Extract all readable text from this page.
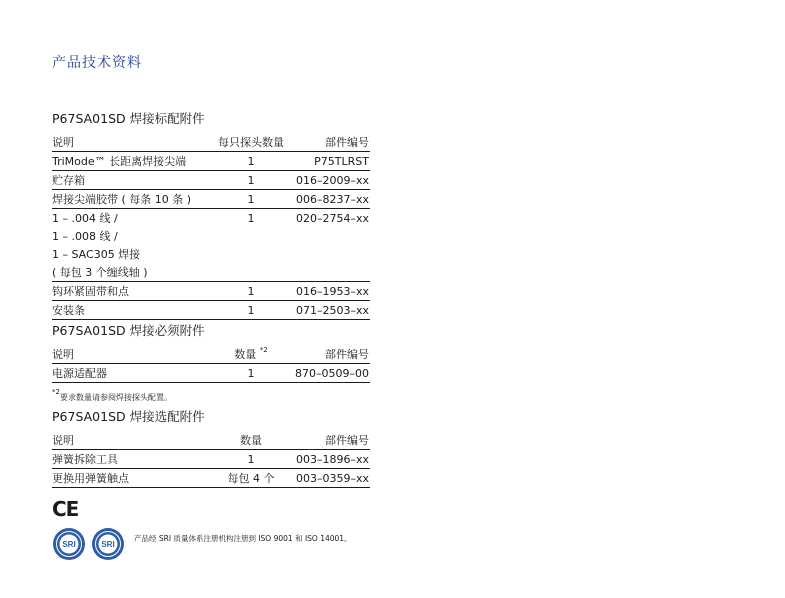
产品技术资料
P67SA01SD 焊接标配附件
说明	每只探头数量	部件编号
TriMode™ 长距离焊接尖端	1	P75TLRST
贮存箱	1	016–2009–xx
焊接尖端胶带 ( 每条 10 条 )	1	006–8237–xx
1 – .004 线 /	1	020–2754–xx
1 – .008 线 /		
1 – SAC305 焊接		
( 每包 3 个缠线轴 )		
钩环紧固带和点	1	016–1953–xx
安装条	1	071–2503–xx
P67SA01SD 焊接必须附件
说明	数量 $^{*2}$	部件编号
电源适配器	1	870–0509–00
$^{*2}$要求数量请参阅焊接探头配置。
P67SA01SD 焊接选配附件
说明	数量	部件编号
弹簧拆除工具	1	003–1896–xx
更换用弹簧触点	每包 4 个	003–0359–xx
CE
SRI	SRI
产品经 SRI 质量体系注册机构注册到 ISO 9001 和 ISO 14001。
